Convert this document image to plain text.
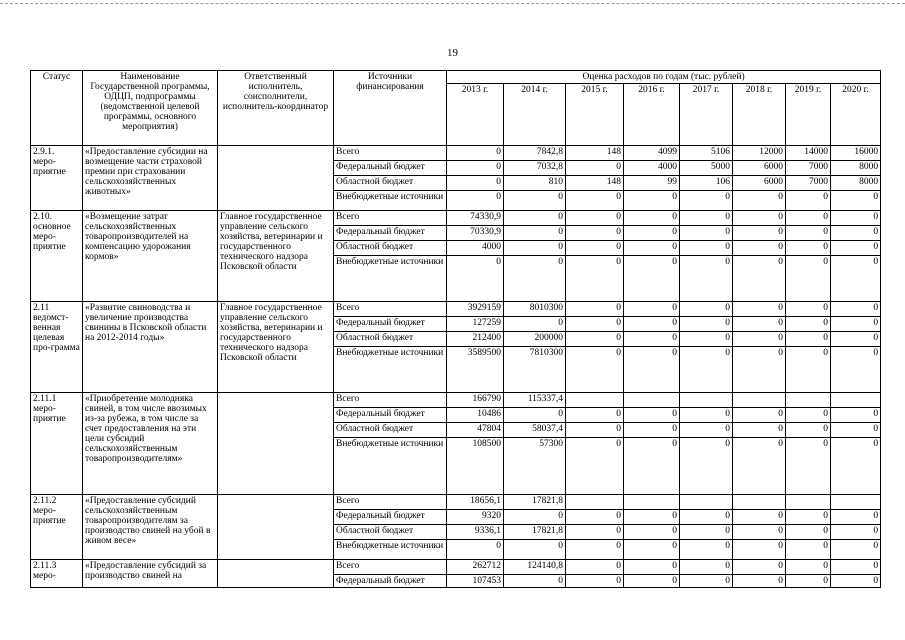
19
Статус	Наименование Государственной программы, ОДЦП, подпрограммы (ведомственной целевой программы, основного мероприятия)	Ответственный исполнитель, соисполнители, исполнитель-координатор	Источники финансирования	Оценка расходов по годам (тыс. рублей)							
				2013 г.	2014 г.	2015 г.	2016 г.	2017 г.	2018 г.	2019 г.	2020 г.

2.9.1.
меро-приятие	«Предоставление субсидии на возмещение части страховой премии при страховании сельскохозяйственных животных»		Всего	0	7842,8	148	4099	5106	12000	14000	16000
			Федеральный бюджет	0	7032,8	0	4000	5000	6000	7000	8000
			Областной бюджет	0	810	148	99	106	6000	7000	8000
			Внебюджетные источники	0	0	0	0	0	0	0	0

2.10.
основное меро-приятие	«Возмещение затрат сельскохозяйственных товаропроизводителей на компенсацию удорожания кормов»	Главное государственное управление сельского хозяйства, ветеринарии и государственного технического надзора Псковской области	Всего	74330,9	0	0	0	0	0	0	0
			Федеральный бюджет	70330,9	0	0	0	0	0	0	0
			Областной бюджет	4000	0	0	0	0	0	0	0
			Внебюджетные источники	0	0	0	0	0	0	0	0

2.11
ведомст-венная целевая про-грамма	«Развитие свиноводства и увеличение производства свинины в Псковской области на 2012-2014 годы»	Главное государственное управление сельского хозяйства, ветеринарии и государственного технического надзора Псковской области	Всего	3929159	8010300	0	0	0	0	0	0
			Федеральный бюджет	127259	0	0	0	0	0	0	0
			Областной бюджет	212400	200000	0	0	0	0	0	0
			Внебюджетные источники	3589500	7810300	0	0	0	0	0	0

2.11.1
меро-приятие	«Приобретение молодняка свиней, в том числе ввозимых из-за рубежа, в том числе за счет предоставления на эти цели субсидий сельскохозяйственным товаропроизводителям»		Всего	166790	115337,4						
			Федеральный бюджет	10486	0	0	0	0	0	0	0
			Областной бюджет	47804	58037,4	0	0	0	0	0	0
			Внебюджетные источники	108500	57300	0	0	0	0	0	0

2.11.2
меро-приятие	«Предоставление субсидий сельскохозяйственным товаропроизводителям за производство свиней на убой в живом весе»		Всего	18656,1	17821,8						
			Федеральный бюджет	9320	0	0	0	0	0	0	0
			Областной бюджет	9336,1	17821,8	0	0	0	0	0	0
			Внебюджетные источники	0	0	0	0	0	0	0	0

2.11.3
меро-	«Предоставление субсидий за производство свиней на		Всего	262712	124140,8	0	0	0	0	0	0
			Федеральный бюджет	107453	0	0	0	0	0	0	0
